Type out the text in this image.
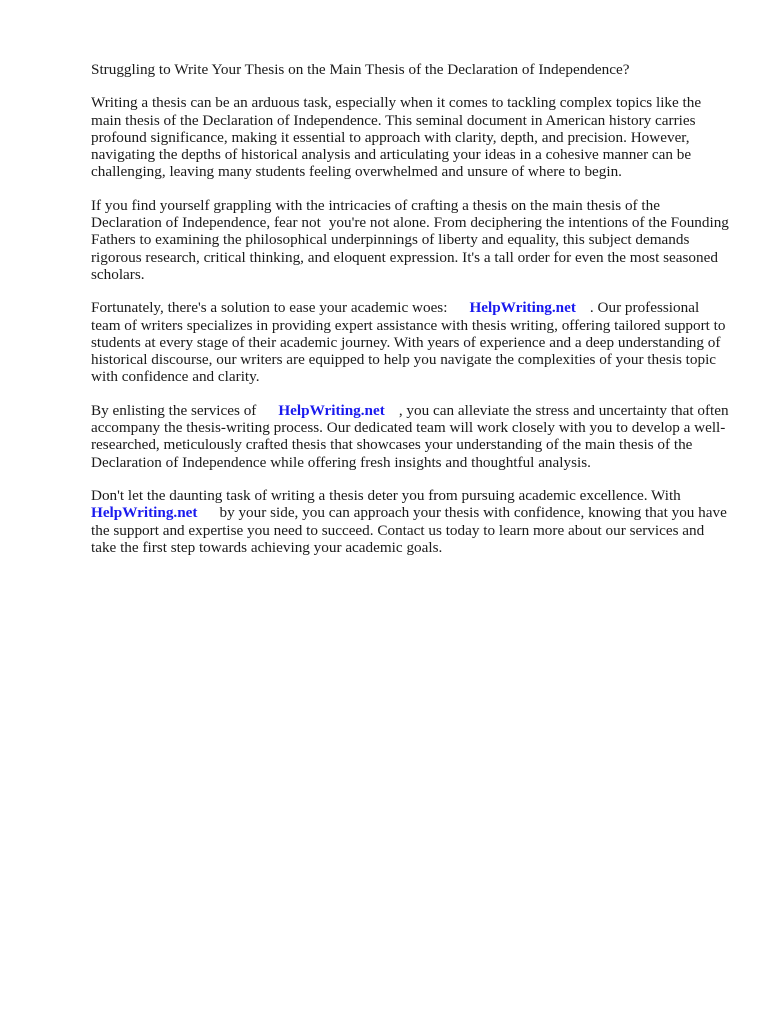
Struggling to Write Your Thesis on the Main Thesis of the Declaration of Independence?

Writing a thesis can be an arduous task, especially when it comes to tackling complex topics like the main thesis of the Declaration of Independence. This seminal document in American history carries profound significance, making it essential to approach with clarity, depth, and precision. However, navigating the depths of historical analysis and articulating your ideas in a cohesive manner can be challenging, leaving many students feeling overwhelmed and unsure of where to begin.

If you find yourself grappling with the intricacies of crafting a thesis on the main thesis of the Declaration of Independence, fear not you're not alone. From deciphering the intentions of the Founding Fathers to examining the philosophical underpinnings of liberty and equality, this subject demands rigorous research, critical thinking, and eloquent expression. It's a tall order for even the most seasoned scholars.

Fortunately, there's a solution to ease your academic woes: HelpWriting.net . Our professional team of writers specializes in providing expert assistance with thesis writing, offering tailored support to students at every stage of their academic journey. With years of experience and a deep understanding of historical discourse, our writers are equipped to help you navigate the complexities of your thesis topic with confidence and clarity.

By enlisting the services of HelpWriting.net , you can alleviate the stress and uncertainty that often accompany the thesis-writing process. Our dedicated team will work closely with you to develop a well-researched, meticulously crafted thesis that showcases your understanding of the main thesis of the Declaration of Independence while offering fresh insights and thoughtful analysis.

Don't let the daunting task of writing a thesis deter you from pursuing academic excellence. With HelpWriting.net by your side, you can approach your thesis with confidence, knowing that you have the support and expertise you need to succeed. Contact us today to learn more about our services and take the first step towards achieving your academic goals.
